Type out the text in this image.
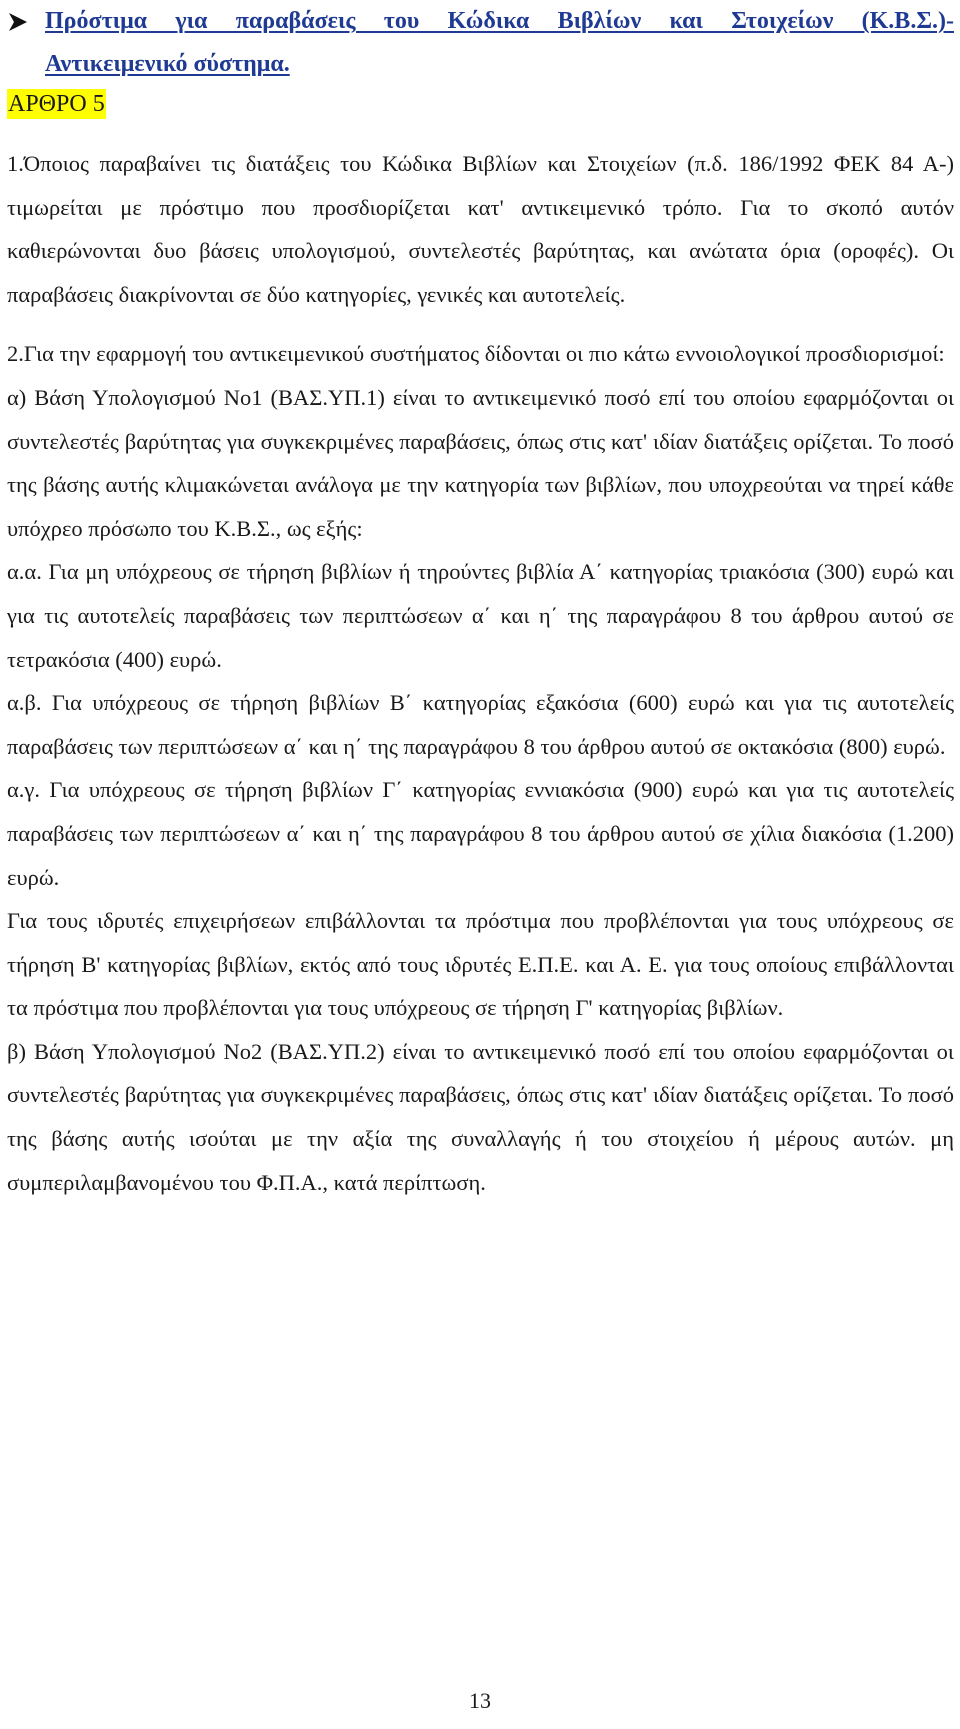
Πρόστιμα για παραβάσεις του Κώδικα Βιβλίων και Στοιχείων (Κ.Β.Σ.)-
Αντικειμενικό σύστημα.
ΑΡΘΡΟ 5

1.Όποιος παραβαίνει τις διατάξεις του Κώδικα Βιβλίων και Στοιχείων (π.δ. 186/1992 ΦΕΚ 84 Α-) τιμωρείται με πρόστιμο που προσδιορίζεται κατ' αντικειμενικό τρόπο. Για το σκοπό αυτόν καθιερώνονται δυο βάσεις υπολογισμού, συντελεστές βαρύτητας, και ανώτατα όρια (οροφές). Οι παραβάσεις διακρίνονται σε δύο κατηγορίες, γενικές και αυτοτελείς.

2.Για την εφαρμογή του αντικειμενικού συστήματος δίδονται οι πιο κάτω εννοιολογικοί προσδιορισμοί:

α) Βάση Υπολογισμού Νο1 (ΒΑΣ.ΥΠ.1) είναι το αντικειμενικό ποσό επί του οποίου εφαρμόζονται οι συντελεστές βαρύτητας για συγκεκριμένες παραβάσεις, όπως στις κατ' ιδίαν διατάξεις ορίζεται. Το ποσό της βάσης αυτής κλιμακώνεται ανάλογα με την κατηγορία των βιβλίων, που υποχρεούται να τηρεί κάθε υπόχρεο πρόσωπο του Κ.Β.Σ., ως εξής:

α.α. Για μη υπόχρεους σε τήρηση βιβλίων ή τηρούντες βιβλία Α΄ κατηγορίας τριακόσια (300) ευρώ και για τις αυτοτελείς παραβάσεις των περιπτώσεων α΄ και η΄ της παραγράφου 8 του άρθρου αυτού σε τετρακόσια (400) ευρώ.

α.β. Για υπόχρεους σε τήρηση βιβλίων Β΄ κατηγορίας εξακόσια (600) ευρώ και για τις αυτοτελείς παραβάσεις των περιπτώσεων α΄ και η΄ της παραγράφου 8 του άρθρου αυτού σε οκτακόσια (800) ευρώ.

α.γ. Για υπόχρεους σε τήρηση βιβλίων Γ΄ κατηγορίας εννιακόσια (900) ευρώ και για τις αυτοτελείς παραβάσεις των περιπτώσεων α΄ και η΄ της παραγράφου 8 του άρθρου αυτού σε χίλια διακόσια (1.200) ευρώ.

Για τους ιδρυτές επιχειρήσεων επιβάλλονται τα πρόστιμα που προβλέπονται για τους υπόχρεους σε τήρηση Β' κατηγορίας βιβλίων, εκτός από τους ιδρυτές Ε.Π.Ε. και Α. Ε. για τους οποίους επιβάλλονται τα πρόστιμα που προβλέπονται για τους υπόχρεους σε τήρηση Γ' κατηγορίας βιβλίων.

β) Βάση Υπολογισμού Νο2 (ΒΑΣ.ΥΠ.2) είναι το αντικειμενικό ποσό επί του οποίου εφαρμόζονται οι συντελεστές βαρύτητας για συγκεκριμένες παραβάσεις, όπως στις κατ' ιδίαν διατάξεις ορίζεται. Το ποσό της βάσης αυτής ισούται με την αξία της συναλλαγής ή του στοιχείου ή μέρους αυτών. μη συμπεριλαμβανομένου του Φ.Π.Α., κατά περίπτωση.

13
